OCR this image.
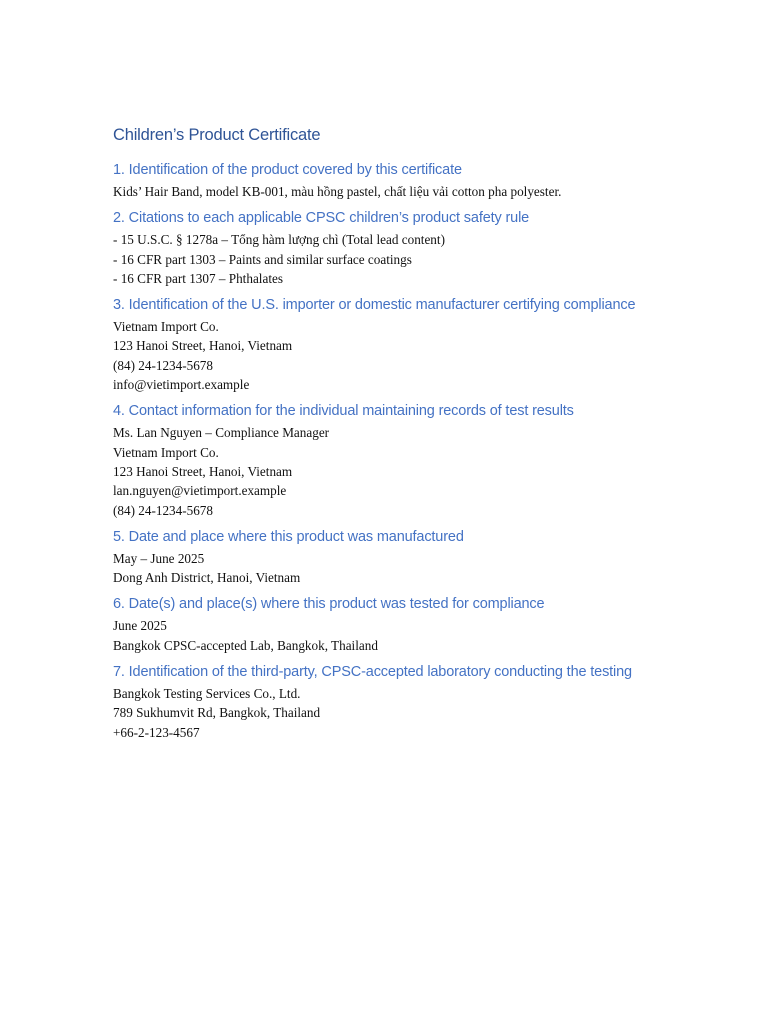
Children’s Product Certificate
1. Identification of the product covered by this certificate

Kids’ Hair Band, model KB-001, màu hồng pastel, chất liệu vải cotton pha polyester.

2. Citations to each applicable CPSC children’s product safety rule

- 15 U.S.C. § 1278a – Tổng hàm lượng chì (Total lead content)

- 16 CFR part 1303 – Paints and similar surface coatings

- 16 CFR part 1307 – Phthalates

3. Identification of the U.S. importer or domestic manufacturer certifying compliance

Vietnam Import Co.

123 Hanoi Street, Hanoi, Vietnam

(84) 24-1234-5678

info@vietimport.example

4. Contact information for the individual maintaining records of test results

Ms. Lan Nguyen – Compliance Manager

Vietnam Import Co.

123 Hanoi Street, Hanoi, Vietnam

lan.nguyen@vietimport.example

(84) 24-1234-5678

5. Date and place where this product was manufactured

May – June 2025

Dong Anh District, Hanoi, Vietnam

6. Date(s) and place(s) where this product was tested for compliance

June 2025

Bangkok CPSC-accepted Lab, Bangkok, Thailand

7. Identification of the third-party, CPSC-accepted laboratory conducting the testing

Bangkok Testing Services Co., Ltd.

789 Sukhumvit Rd, Bangkok, Thailand

+66-2-123-4567
